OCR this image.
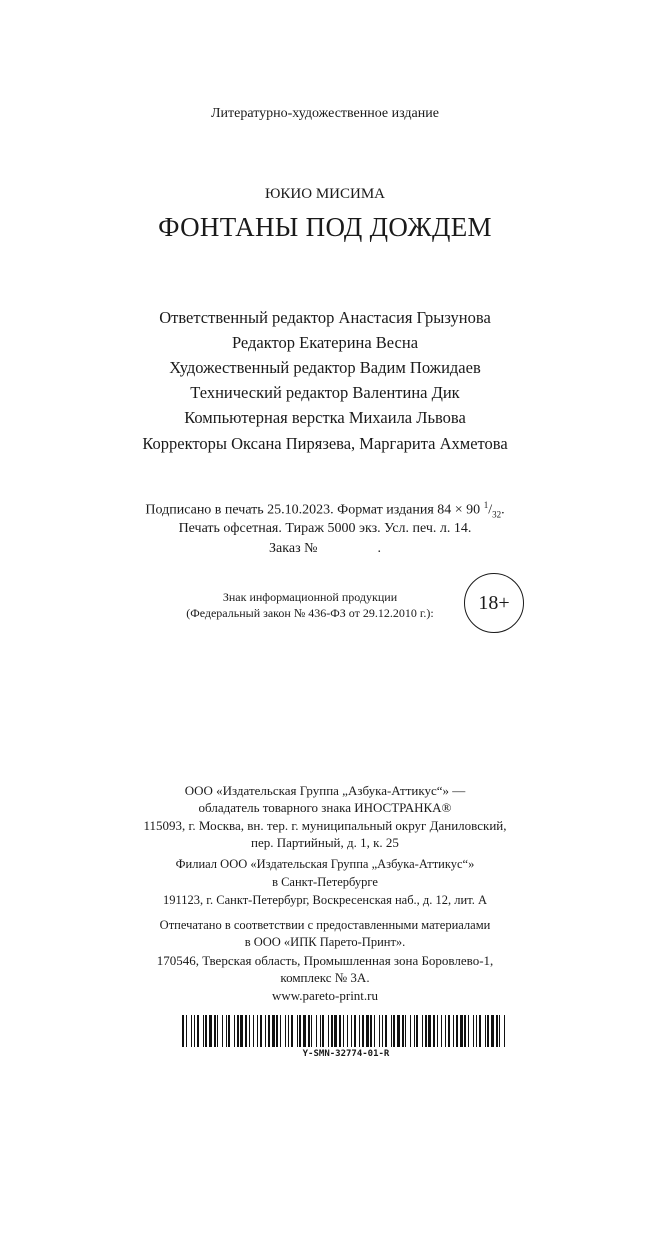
Литературно-художественное издание
ЮКИО МИСИМА
ФОНТАНЫ ПОД ДОЖДЕМ
Ответственный редактор Анастасия Грызунова
Редактор Екатерина Весна
Художественный редактор Вадим Пожидаев
Технический редактор Валентина Дик
Компьютерная верстка Михаила Львова
Корректоры Оксана Пирязева, Маргарита Ахметова
Подписано в печать 25.10.2023. Формат издания 84 × 90 $^1/_{32}$.
Печать офсетная. Тираж 5000 экз. Усл. печ. л. 14.
Заказ №	.
Знак информационной продукции
(Федеральный закон № 436-ФЗ от 29.12.2010 г.):	18+
ООО «Издательская Группа „Азбука-Аттикус“» —
обладатель товарного знака ИНОСТРАНКА®
115093, г. Москва, вн. тер. г. муниципальный округ Даниловский,
пер. Партийный, д. 1, к. 25
Филиал ООО «Издательская Группа „Азбука-Аттикус“»
в Санкт-Петербурге
191123, г. Санкт-Петербург, Воскресенская наб., д. 12, лит. А
Отпечатано в соответствии с предоставленными материалами
в ООО «ИПК Парето-Принт».
170546, Тверская область, Промышленная зона Боровлево-1,
комплекс № 3А.
www.pareto-print.ru
Y-SMN-32774-01-R
